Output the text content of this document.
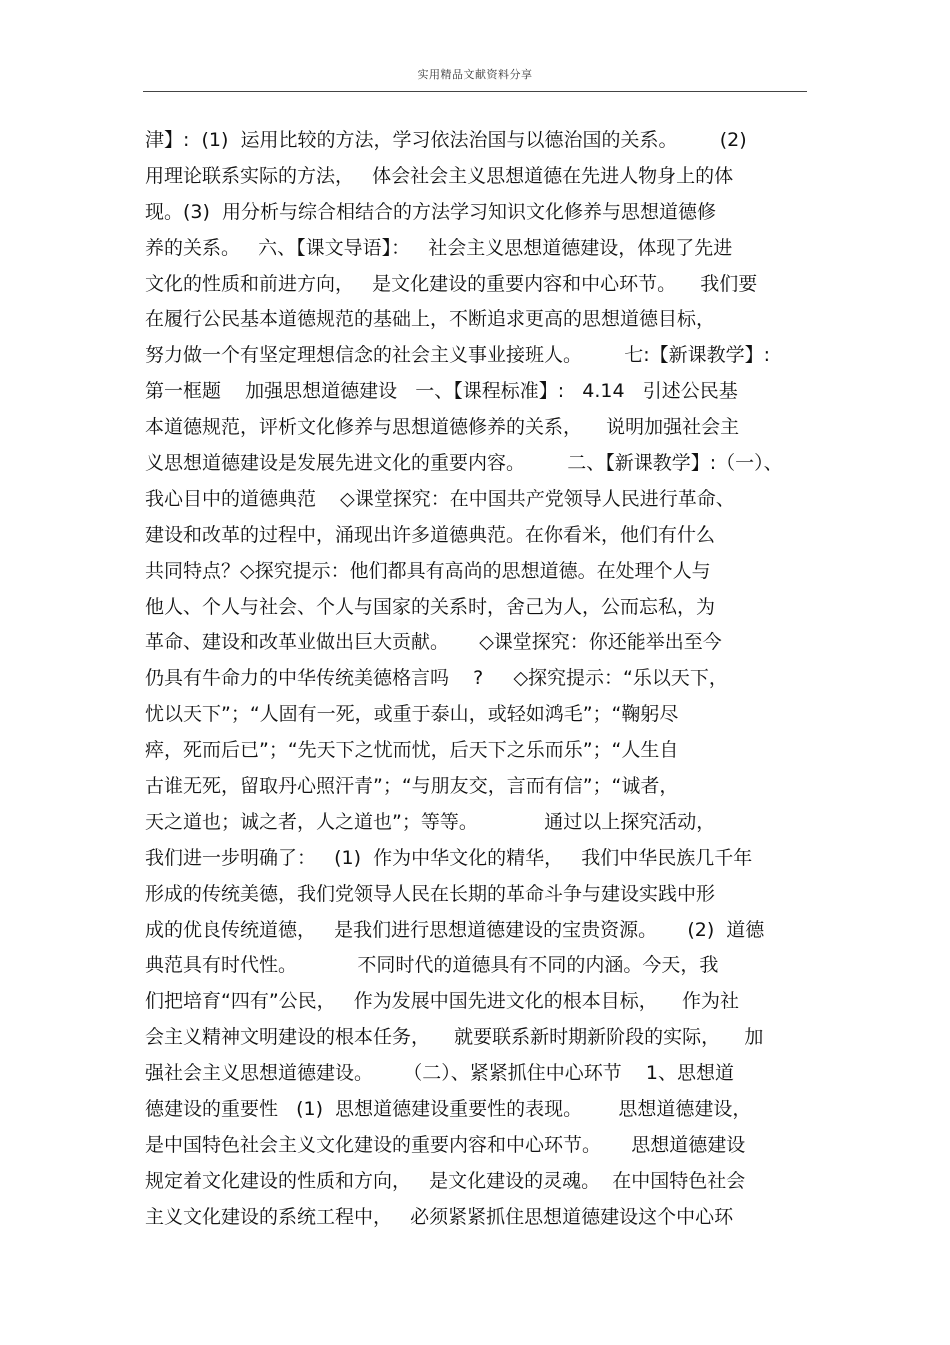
实用精品文献资料分享
津】:  (1)  运用比较的方法，学习依法治国与以德治国的关系。       (2)
用理论联系实际的方法，   体会社会主义思想道德在先进人物身上的体
现。(3)  用分析与综合相结合的方法学习知识文化修养与思想道德修
养的关系。   六、【课文导语】：   社会主义思想道德建设，体现了先进
文化的性质和前进方向，   是文化建设的重要内容和中心环节。    我们要
在履行公民基本道德规范的基础上，不断追求更高的思想道德目标，
努力做一个有坚定理想信念的社会主义事业接班人。       七:【新课教学】:
第一框题    加强思想道德建设   一、【课程标准】:   4.14   引述公民基
本道德规范，评析文化修养与思想道德修养的关系，    说明加强社会主
义思想道德建设是发展先进文化的重要内容。       二、【新课教学】:（一）、
我心目中的道德典范    ◇课堂探究：在中国共产党领导人民进行革命、
建设和改革的过程中，涌现出许多道德典范。在你看米，他们有什么
共同特点？◇探究提示：他们都具有高尚的思想道德。在处理个人与
他人、个人与社会、个人与国家的关系时，舍己为人，公而忘私，为
革命、建设和改革业做出巨大贡献。     ◇课堂探究：你还能举出至今
仍具有牛命力的中华传统美德格言吗    ?     ◇探究提示：“乐以天下，
忧以天下”；“人固有一死，或重于泰山，或轻如鸿毛”；“鞠躬尽
瘁，死而后已”；“先天下之忧而忧，后天下之乐而乐”；“人生自
古谁无死，留取丹心照汗青”；“与朋友交，言而有信”；“诚者，
天之道也；诚之者，人之道也”；等等。           通过以上探究活动，
我们进一步明确了：   (1)  作为中华文化的精华，   我们中华民族几千年
形成的传统美德，我们党领导人民在长期的革命斗争与建设实践中形
成的优良传统道德，   是我们进行思想道德建设的宝贵资源。     (2)  道德
典范具有时代性。          不同时代的道德具有不同的内涵。今天，我
们把培育“四有”公民，   作为发展中国先进文化的根本目标，    作为社
会主义精神文明建设的根本任务，    就要联系新时期新阶段的实际，    加
强社会主义思想道德建设。     （二）、紧紧抓住中心环节    1、思想道
德建设的重要性   (1)  思想道德建设重要性的表现。      思想道德建设，
是中国特色社会主义文化建设的重要内容和中心环节。     思想道德建设
规定着文化建设的性质和方向，   是文化建设的灵魂。  在中国特色社会
主义文化建设的系统工程中，   必须紧紧抓住思想道德建设这个中心环
